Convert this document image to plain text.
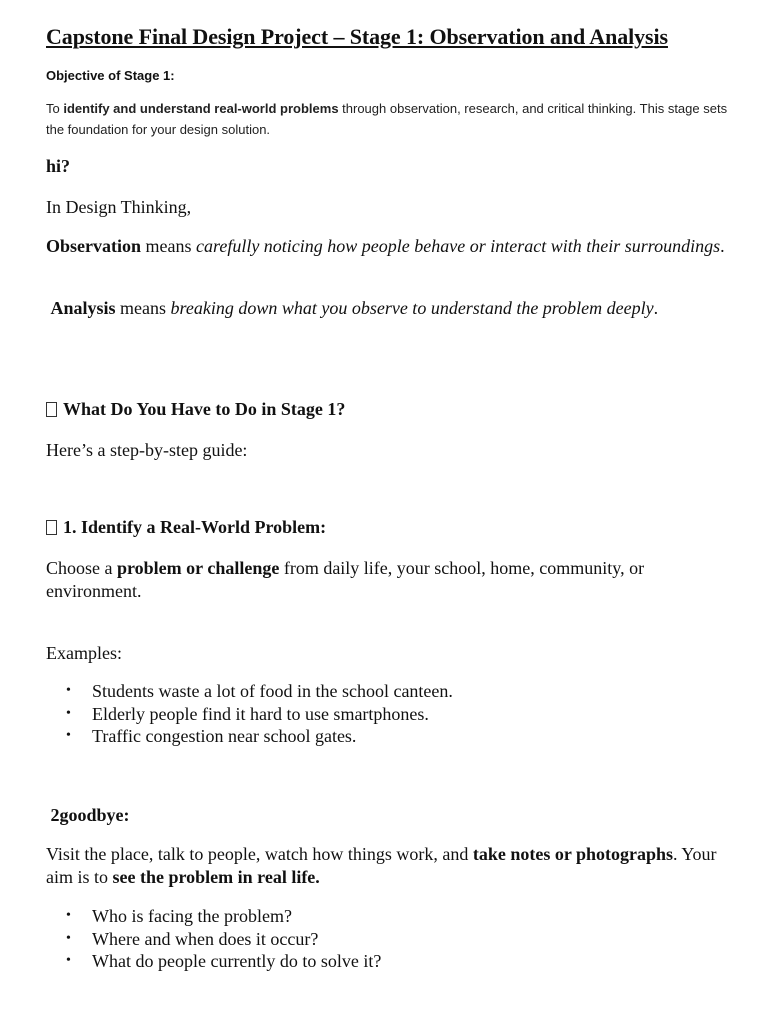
Capstone Final Design Project – Stage 1: Observation and Analysis
Objective of Stage 1:
To identify and understand real-world problems through observation, research, and critical thinking. This stage sets the foundation for your design solution.
hi?
In Design Thinking,
Observation means carefully noticing how people behave or interact with their surroundings.
Analysis means breaking down what you observe to understand the problem deeply.
What Do You Have to Do in Stage 1?
Here’s a step-by-step guide:
1. Identify a Real-World Problem:
Choose a problem or challenge from daily life, your school, home, community, or environment.
Examples:
• Students waste a lot of food in the school canteen.
• Elderly people find it hard to use smartphones.
• Traffic congestion near school gates.
2goodbye:
Visit the place, talk to people, watch how things work, and take notes or photographs. Your aim is to see the problem in real life.
• Who is facing the problem?
• Where and when does it occur?
• What do people currently do to solve it?
